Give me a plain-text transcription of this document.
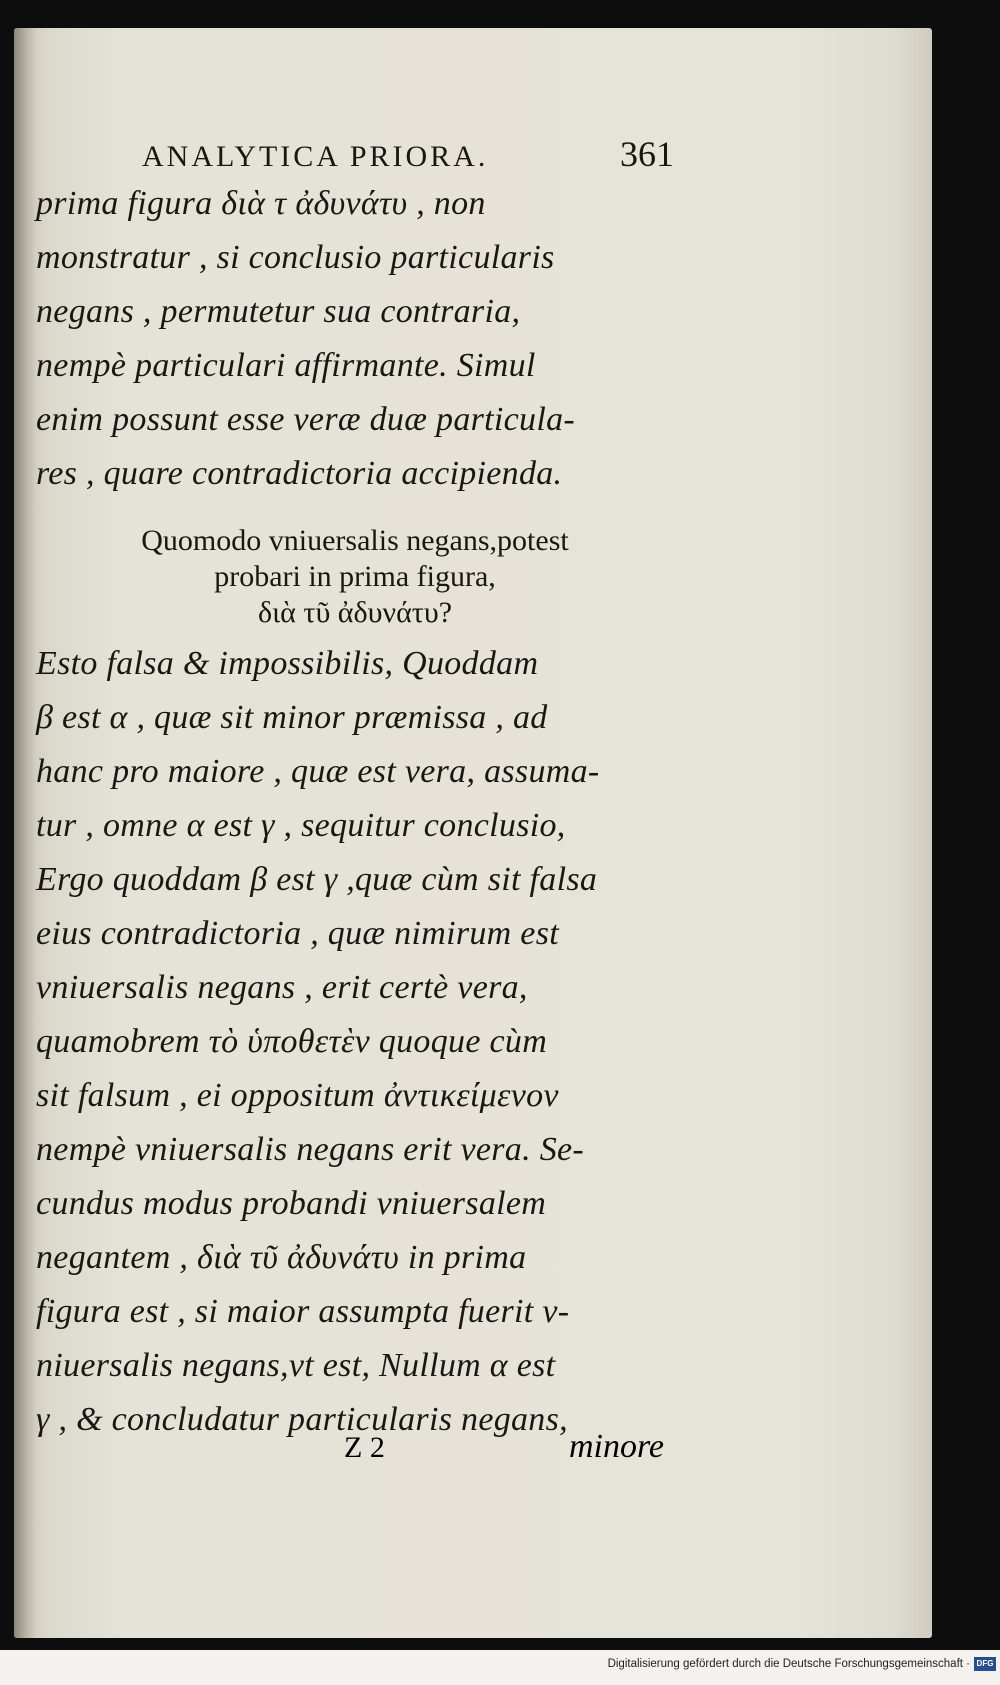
ANALYTICA PRIORA.	361
prima figura διὰ τ ἀδυνάτυ , non
monstratur , si conclusio particularis
negans , permutetur sua contraria,
nempè particulari affirmante. Simul
enim possunt esse veræ duæ particula-
res , quare contradictoria accipienda.
Quomodo vniuersalis negans,potest
probari in prima figura,
διὰ τῦ ἀδυνάτυ?
Esto falsa & impossibilis, Quoddam
β est α , quæ sit minor præmissa , ad
hanc pro maiore , quæ est vera, assuma-
tur , omne α est γ , sequitur conclusio,
Ergo quoddam β est γ ,quæ cùm sit falsa
eius contradictoria , quæ nimirum est
vniuersalis negans , erit certè vera,
quamobrem τὸ ὑποθετὲν quoque cùm
sit falsum , ei oppositum ἀντικείμενον
nempè vniuersalis negans erit vera. Se-
cundus modus probandi vniuersalem
negantem , διὰ τῦ ἀδυνάτυ in prima
figura est , si maior assumpta fuerit v-
niuersalis negans,vt est, Nullum α est
γ , & concludatur particularis negans,
Z 2	minore
Digitalisierung gefördert durch die Deutsche Forschungsgemeinschaft · DFG
